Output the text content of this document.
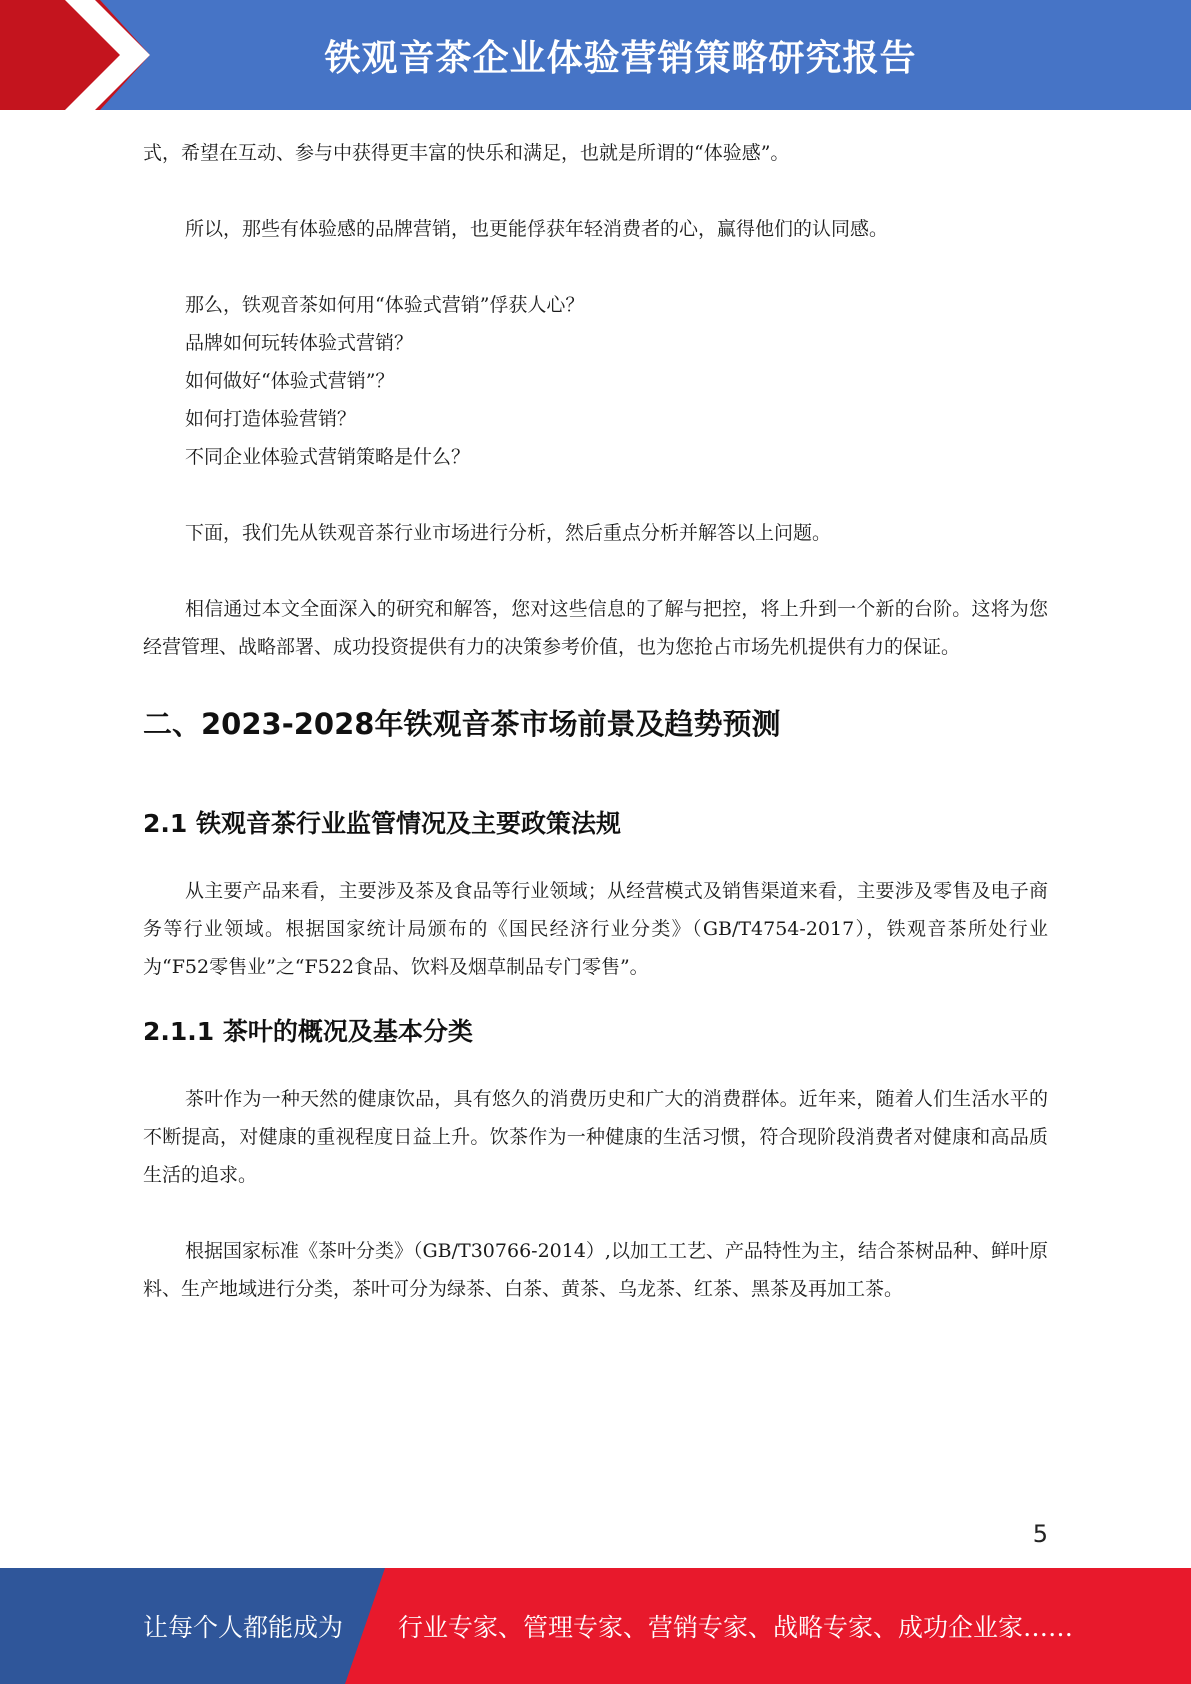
铁观音茶企业体验营销策略研究报告

式，希望在互动、参与中获得更丰富的快乐和满足，也就是所谓的“体验感”。

所以，那些有体验感的品牌营销，也更能俘获年轻消费者的心，赢得他们的认同感。

那么，铁观音茶如何用“体验式营销”俘获人心？

品牌如何玩转体验式营销？

如何做好“体验式营销”？

如何打造体验营销？

不同企业体验式营销策略是什么？

下面，我们先从铁观音茶行业市场进行分析，然后重点分析并解答以上问题。

相信通过本文全面深入的研究和解答，您对这些信息的了解与把控，将上升到一个新的台阶。这将为您经营管理、战略部署、成功投资提供有力的决策参考价值，也为您抢占市场先机提供有力的保证。

二、2023-2028年铁观音茶市场前景及趋势预测
2.1 铁观音茶行业监管情况及主要政策法规

从主要产品来看，主要涉及茶及食品等行业领域；从经营模式及销售渠道来看，主要涉及零售及电子商务等行业领域。根据国家统计局颁布的《国民经济行业分类》（GB/T4754-2017），铁观音茶所处行业为“F52零售业”之“F522食品、饮料及烟草制品专门零售”。

2.1.1 茶叶的概况及基本分类

茶叶作为一种天然的健康饮品，具有悠久的消费历史和广大的消费群体。近年来，随着人们生活水平的不断提高，对健康的重视程度日益上升。饮茶作为一种健康的生活习惯，符合现阶段消费者对健康和高品质生活的追求。

根据国家标准《茶叶分类》（GB/T30766-2014）,以加工工艺、产品特性为主，结合茶树品种、鲜叶原料、生产地域进行分类，茶叶可分为绿茶、白茶、黄茶、乌龙茶、红茶、黑茶及再加工茶。

5
让每个人都能成为 行业专家、管理专家、营销专家、战略专家、成功企业家……
